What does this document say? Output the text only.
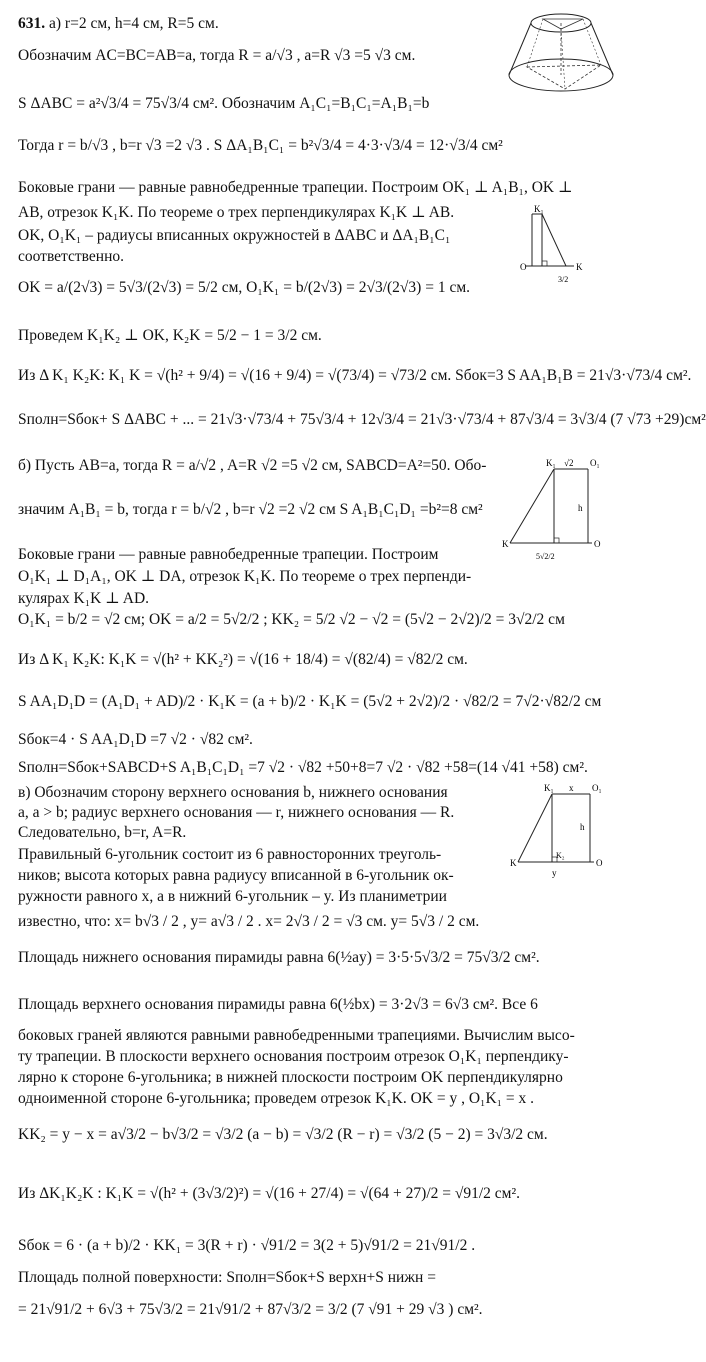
631. а) r=2 см, h=4 см, R=5 см.
Обозначим AC=BC=AB=a, тогда R = a/√3 , a=R √3 =5 √3 см.
S ΔABC = a²√3/4 = 75√3/4 см². Обозначим A₁C₁=B₁C₁=A₁B₁=b
Тогда r = b/√3 , b=r √3 =2 √3 . S ΔA₁B₁C₁ = b²√3/4 = 4·3·√3/4 = 12·√3/4 см²
Боковые грани — равные равнобедренные трапеции. Построим OK₁ ⊥ A₁B₁, OK ⊥
AB, отрезок K₁K. По теореме о трех перпендикулярах K₁K ⊥ AB.
OK, O₁K₁ – радиусы вписанных окружностей в ΔABC и ΔA₁B₁C₁
соответственно.
OK = a/(2√3) = 5√3/(2√3) = 5/2 см, O₁K₁ = b/(2√3) = 2√3/(2√3) = 1 см.
Проведем K₁K₂ ⊥ OK, K₂K = 5/2 − 1 = 3/2 см.
Из Δ K₁ K₂K: K₁ K = √(h² + 9/4) = √(16 + 9/4) = √(73/4) = √73/2 см. Sбок=3 S AA₁B₁B = 21√3·√73/4 см².
Sполн=Sбок+ S ΔABC + ... = 21√3·√73/4 + 75√3/4 + 12√3/4 = 21√3·√73/4 + 87√3/4 = 3√3/4 (7 √73 +29)см²
б) Пусть AB=a, тогда R = a/√2 , A=R √2 =5 √2 см, SABCD=A²=50. Обо-
значим A₁B₁ = b, тогда r = b/√2 , b=r √2 =2 √2 см S A₁B₁C₁D₁ =b²=8 см²
Боковые грани — равные равнобедренные трапеции. Построим
O₁K₁ ⊥ D₁A₁, OK ⊥ DA, отрезок K₁K. По теореме о трех перпенди-
кулярах K₁K ⊥ AD.
O₁K₁ = b/2 = √2 см; OK = a/2 = 5√2/2 ; KK₂ = 5/2 √2 − √2 = (5√2 − 2√2)/2 = 3√2/2 см
Из Δ K₁ K₂K: K₁K = √(h² + KK₂²) = √(16 + 18/4) = √(82/4) = √82/2 см.
S AA₁D₁D = (A₁D₁ + AD)/2 · K₁K = (a + b)/2 · K₁K = (5√2 + 2√2)/2 · √82/2 = 7√2·√82/2 см
Sбок=4 · S AA₁D₁D =7 √2 · √82 см².
Sполн=Sбок+SABCD+S A₁B₁C₁D₁ =7 √2 · √82 +50+8=7 √2 · √82 +58=(14 √41 +58) см².
в) Обозначим сторону верхнего основания b, нижнего основания
a, a > b; радиус верхнего основания — r, нижнего основания — R.
Следовательно, b=r, A=R.
Правильный 6-угольник состоит из 6 равносторонних треуголь-
ников; высота которых равна радиусу вписанной в 6-угольник ок-
ружности равного x, а в нижний 6-угольник – y. Из планиметрии
известно, что: x= b√3 / 2 , y= a√3 / 2 . x= 2√3 / 2 = √3 см. y= 5√3 / 2 см.
Площадь нижнего основания пирамиды равна 6(½ay) = 3·5·5√3/2 = 75√3/2 см².
Площадь верхнего основания пирамиды равна 6(½bx) = 3·2√3 = 6√3 см². Все 6
боковых граней являются равными равнобедренными трапециями. Вычислим высо-
ту трапеции. В плоскости верхнего основания построим отрезок O₁K₁ перпендику-
лярно к стороне 6-угольника; в нижней плоскости построим OK перпендикулярно
одноименной стороне 6-угольника; проведем отрезок K₁K. OK = y , O₁K₁ = x .
KK₂ = y − x = a√3/2 − b√3/2 = √3/2 (a − b) = √3/2 (R − r) = √3/2 (5 − 2) = 3√3/2 см.
Из ΔK₁K₂K : K₁K = √(h² + (3√3/2)²) = √(16 + 27/4) = √(64 + 27)/2 = √91/2 см².
Sбок = 6 · (a + b)/2 · KK₁ = 3(R + r) · √91/2 = 3(2 + 5)√91/2 = 21√91/2 .
Площадь полной поверхности: Sполн=Sбок+S верхн+S нижн =
= 21√91/2 + 6√3 + 75√3/2 = 21√91/2 + 87√3/2 = 3/2 (7 √91 + 29 √3 ) см².
K₁
O	K
3/2
K₁ √2 O₁
h
K	O
5√2/2
K₁ x O₁
h
K
K₂
O
y
